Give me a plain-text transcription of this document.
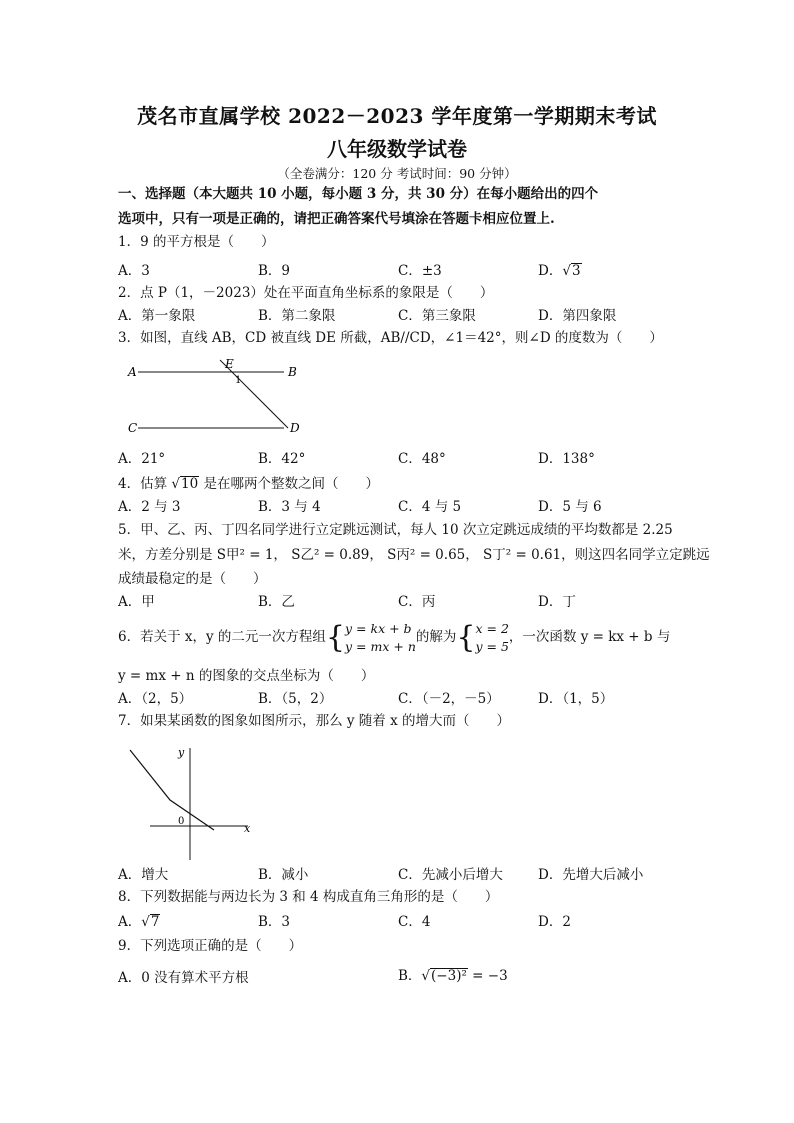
茂名市直属学校 2022－2023 学年度第一学期期末考试
八年级数学试卷
（全卷满分：120 分 考试时间：90 分钟）
一、选择题（本大题共 10 小题，每小题 3 分，共 30 分）在每小题给出的四个
选项中，只有一项是正确的，请把正确答案代号填涂在答题卡相应位置上.
1．9 的平方根是（　　）
A．3	B．9	C．±3	D．√3
2．点 P（1，－2023）处在平面直角坐标系的象限是（　　）
A．第一象限	B．第二象限	C．第三象限	D．第四象限
3．如图，直线 AB，CD 被直线 DE 所截，AB//CD，∠1＝42°，则∠D 的度数为（　　）
A	B
C	D
E
1
A．21°	B．42°	C．48°	D．138°
4．估算 √10 是在哪两个整数之间（　　）
A．2 与 3	B．3 与 4	C．4 与 5	D．5 与 6
5．甲、乙、丙、丁四名同学进行立定跳远测试，每人 10 次立定跳远成绩的平均数都是 2.25
米，方差分别是 S甲² = 1， S乙² = 0.89， S丙² = 0.65， S丁² = 0.61，则这四名同学立定跳远
成绩最稳定的是（　　）
A．甲	B．乙	C．丙	D．丁
6．若关于 x，y 的二元一次方程组{y = kx + b
y = mx + n的解为{x = 2
y = 5，一次函数 y = kx + b 与
y = mx + n 的图象的交点坐标为（　　）
A．（2，5）	B．（5，2）	C．（－2，－5）	D．（1，5）
7．如果某函数的图象如图所示，那么 y 随着 x 的增大而（　　）
y
x
0
A．增大	B．减小	C．先减小后增大	D．先增大后减小
8．下列数据能与两边长为 3 和 4 构成直角三角形的是（　　）
A．√7	B．3	C．4	D．2
9．下列选项正确的是（　　）
A．0 没有算术平方根	B．√(−3)² = −3
